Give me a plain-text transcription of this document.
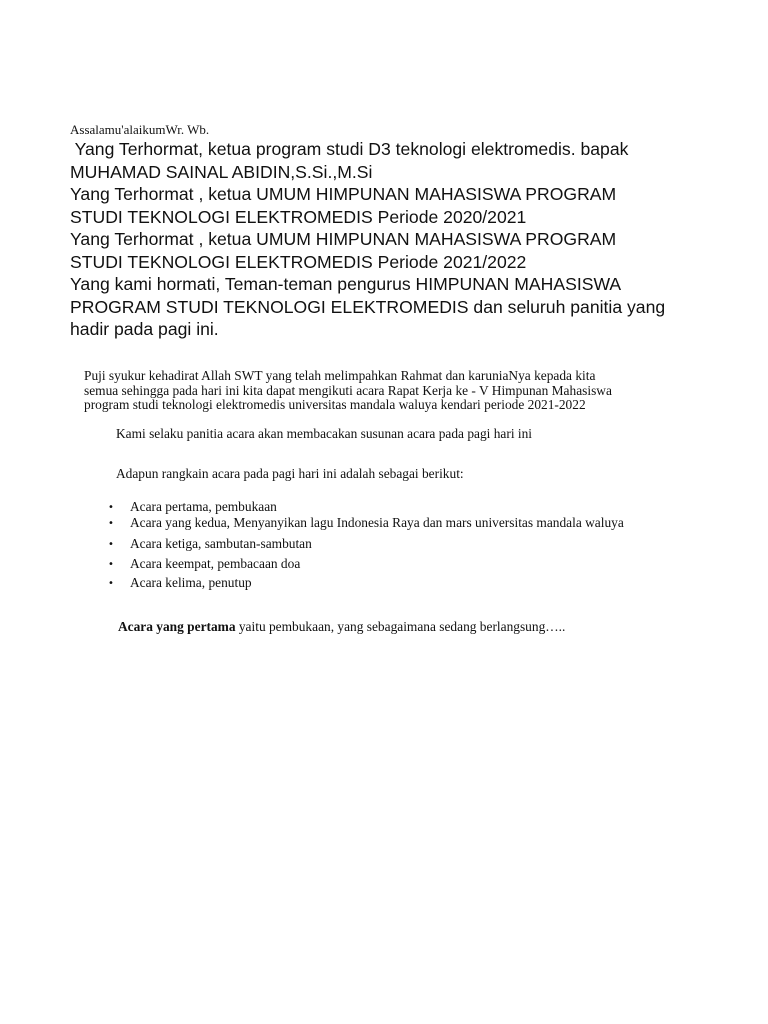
Assalamu'alaikumWr. Wb.
Yang Terhormat, ketua program studi D3 teknologi elektromedis. bapak
MUHAMAD SAINAL ABIDIN,S.Si.,M.Si
Yang Terhormat , ketua UMUM HIMPUNAN MAHASISWA PROGRAM
STUDI TEKNOLOGI ELEKTROMEDIS Periode 2020/2021
Yang Terhormat , ketua UMUM HIMPUNAN MAHASISWA PROGRAM
STUDI TEKNOLOGI ELEKTROMEDIS Periode 2021/2022
Yang kami hormati, Teman-teman pengurus HIMPUNAN MAHASISWA
PROGRAM STUDI TEKNOLOGI ELEKTROMEDIS dan seluruh panitia yang
hadir pada pagi ini.
Puji syukur kehadirat Allah SWT yang telah melimpahkan Rahmat dan karuniaNya kepada kita
semua sehingga pada hari ini kita dapat mengikuti acara Rapat Kerja ke - V Himpunan Mahasiswa
program studi teknologi elektromedis universitas mandala waluya kendari periode 2021-2022
Kami selaku panitia acara akan membacakan susunan acara pada pagi hari ini
Adapun rangkain acara pada pagi hari ini adalah sebagai berikut:
• Acara pertama, pembukaan
• Acara yang kedua, Menyanyikan lagu Indonesia Raya dan mars universitas mandala waluya
• Acara ketiga, sambutan-sambutan
• Acara keempat, pembacaan doa
• Acara kelima, penutup
Acara yang pertama yaitu pembukaan, yang sebagaimana sedang berlangsung…..
